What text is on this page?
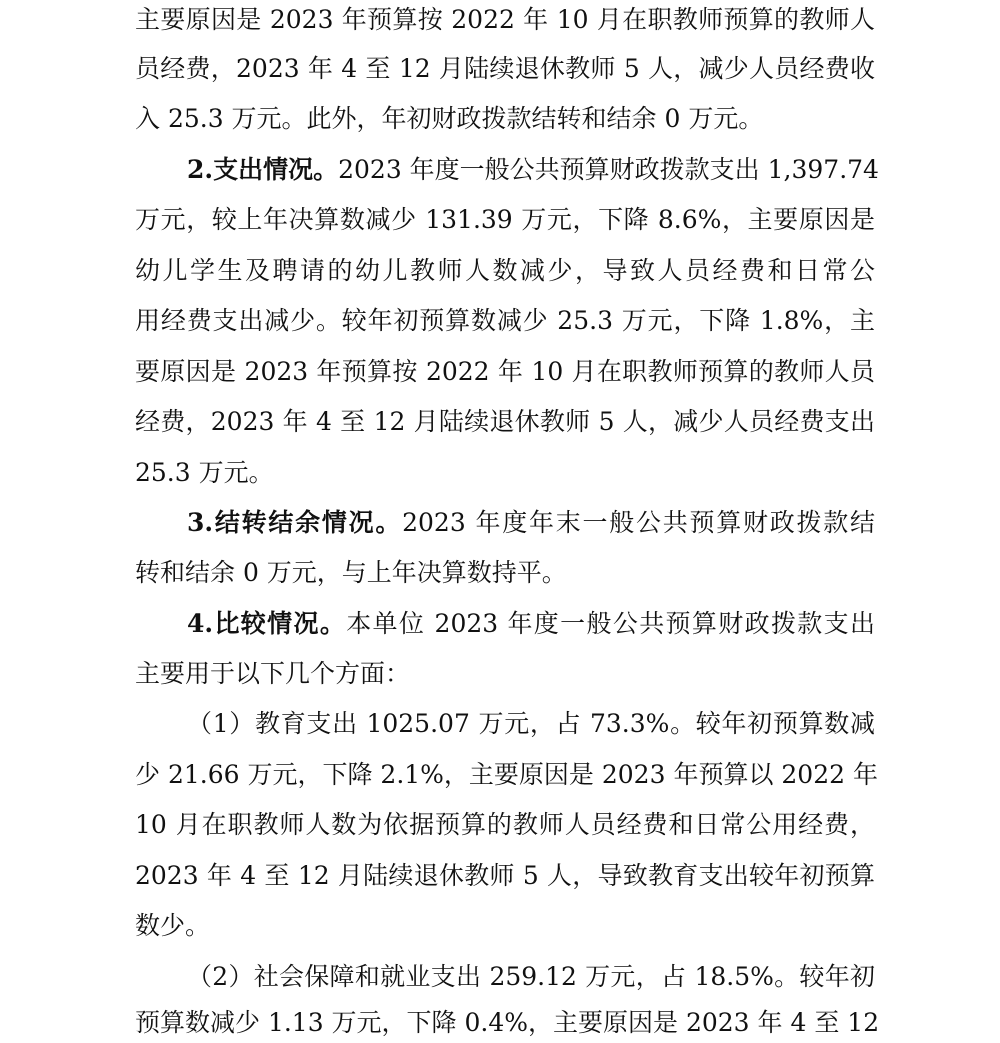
主要原因是 2023 年预算按 2022 年 10 月在职教师预算的教师人
员经费，2023 年 4 至 12 月陆续退休教师 5 人，减少人员经费收
入 25.3 万元。此外，年初财政拨款结转和结余 0 万元。
2.支出情况。2023 年度一般公共预算财政拨款支出 1,397.74
万元，较上年决算数减少 131.39 万元，下降 8.6%，主要原因是
幼儿学生及聘请的幼儿教师人数减少，导致人员经费和日常公
用经费支出减少。较年初预算数减少 25.3 万元，下降 1.8%，主
要原因是 2023 年预算按 2022 年 10 月在职教师预算的教师人员
经费，2023 年 4 至 12 月陆续退休教师 5 人，减少人员经费支出
25.3 万元。
3.结转结余情况。2023 年度年末一般公共预算财政拨款结
转和结余 0 万元，与上年决算数持平。
4.比较情况。本单位 2023 年度一般公共预算财政拨款支出
主要用于以下几个方面：
（1）教育支出 1025.07 万元，占 73.3%。较年初预算数减
少 21.66 万元，下降 2.1%，主要原因是 2023 年预算以 2022 年
10 月在职教师人数为依据预算的教师人员经费和日常公用经费，
2023 年 4 至 12 月陆续退休教师 5 人，导致教育支出较年初预算
数少。
（2）社会保障和就业支出 259.12 万元，占 18.5%。较年初
预算数减少 1.13 万元，下降 0.4%，主要原因是 2023 年 4 至 12
